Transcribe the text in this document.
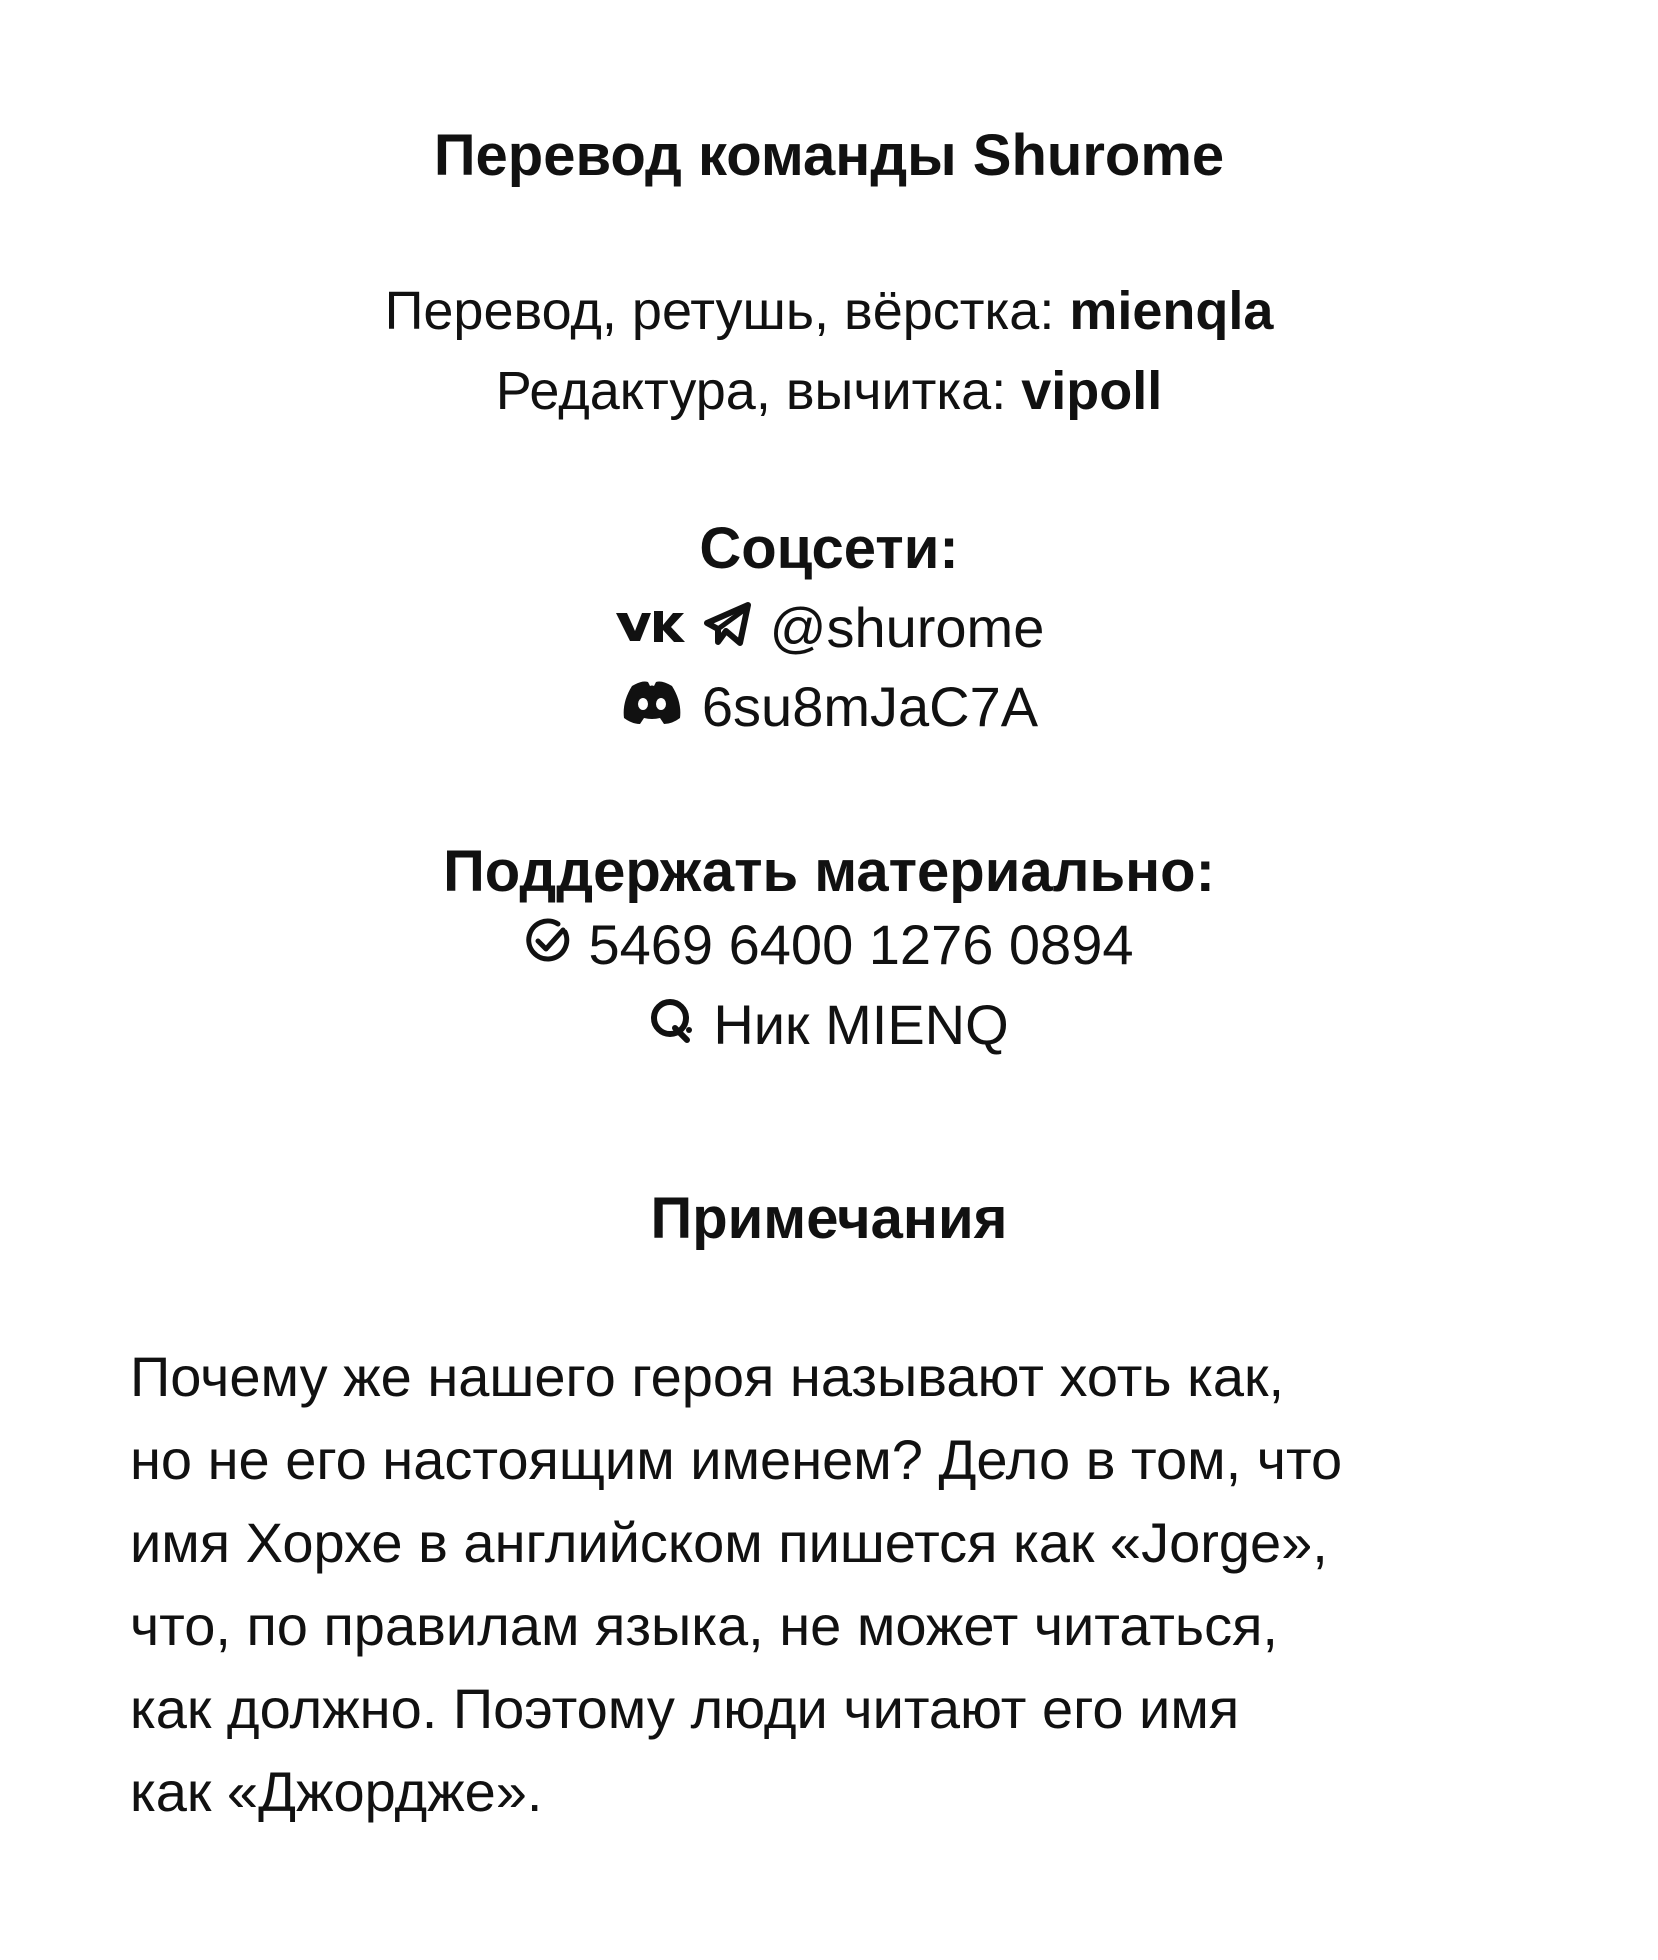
Перевод команды Shurome
Перевод, ретушь, вёрстка: mienqla
Редактура, вычитка: vipoll
Соцсети:
@shurome
6su8mJaC7A
Поддержать материально:
5469 6400 1276 0894
Ник MIENQ
Примечания
Почему же нашего героя называют хоть как,
но не его настоящим именем? Дело в том, что
имя Хорхе в английском пишется как «Jorge»,
что, по правилам языка, не может читаться,
как должно. Поэтому люди читают его имя
как «Джордже».
